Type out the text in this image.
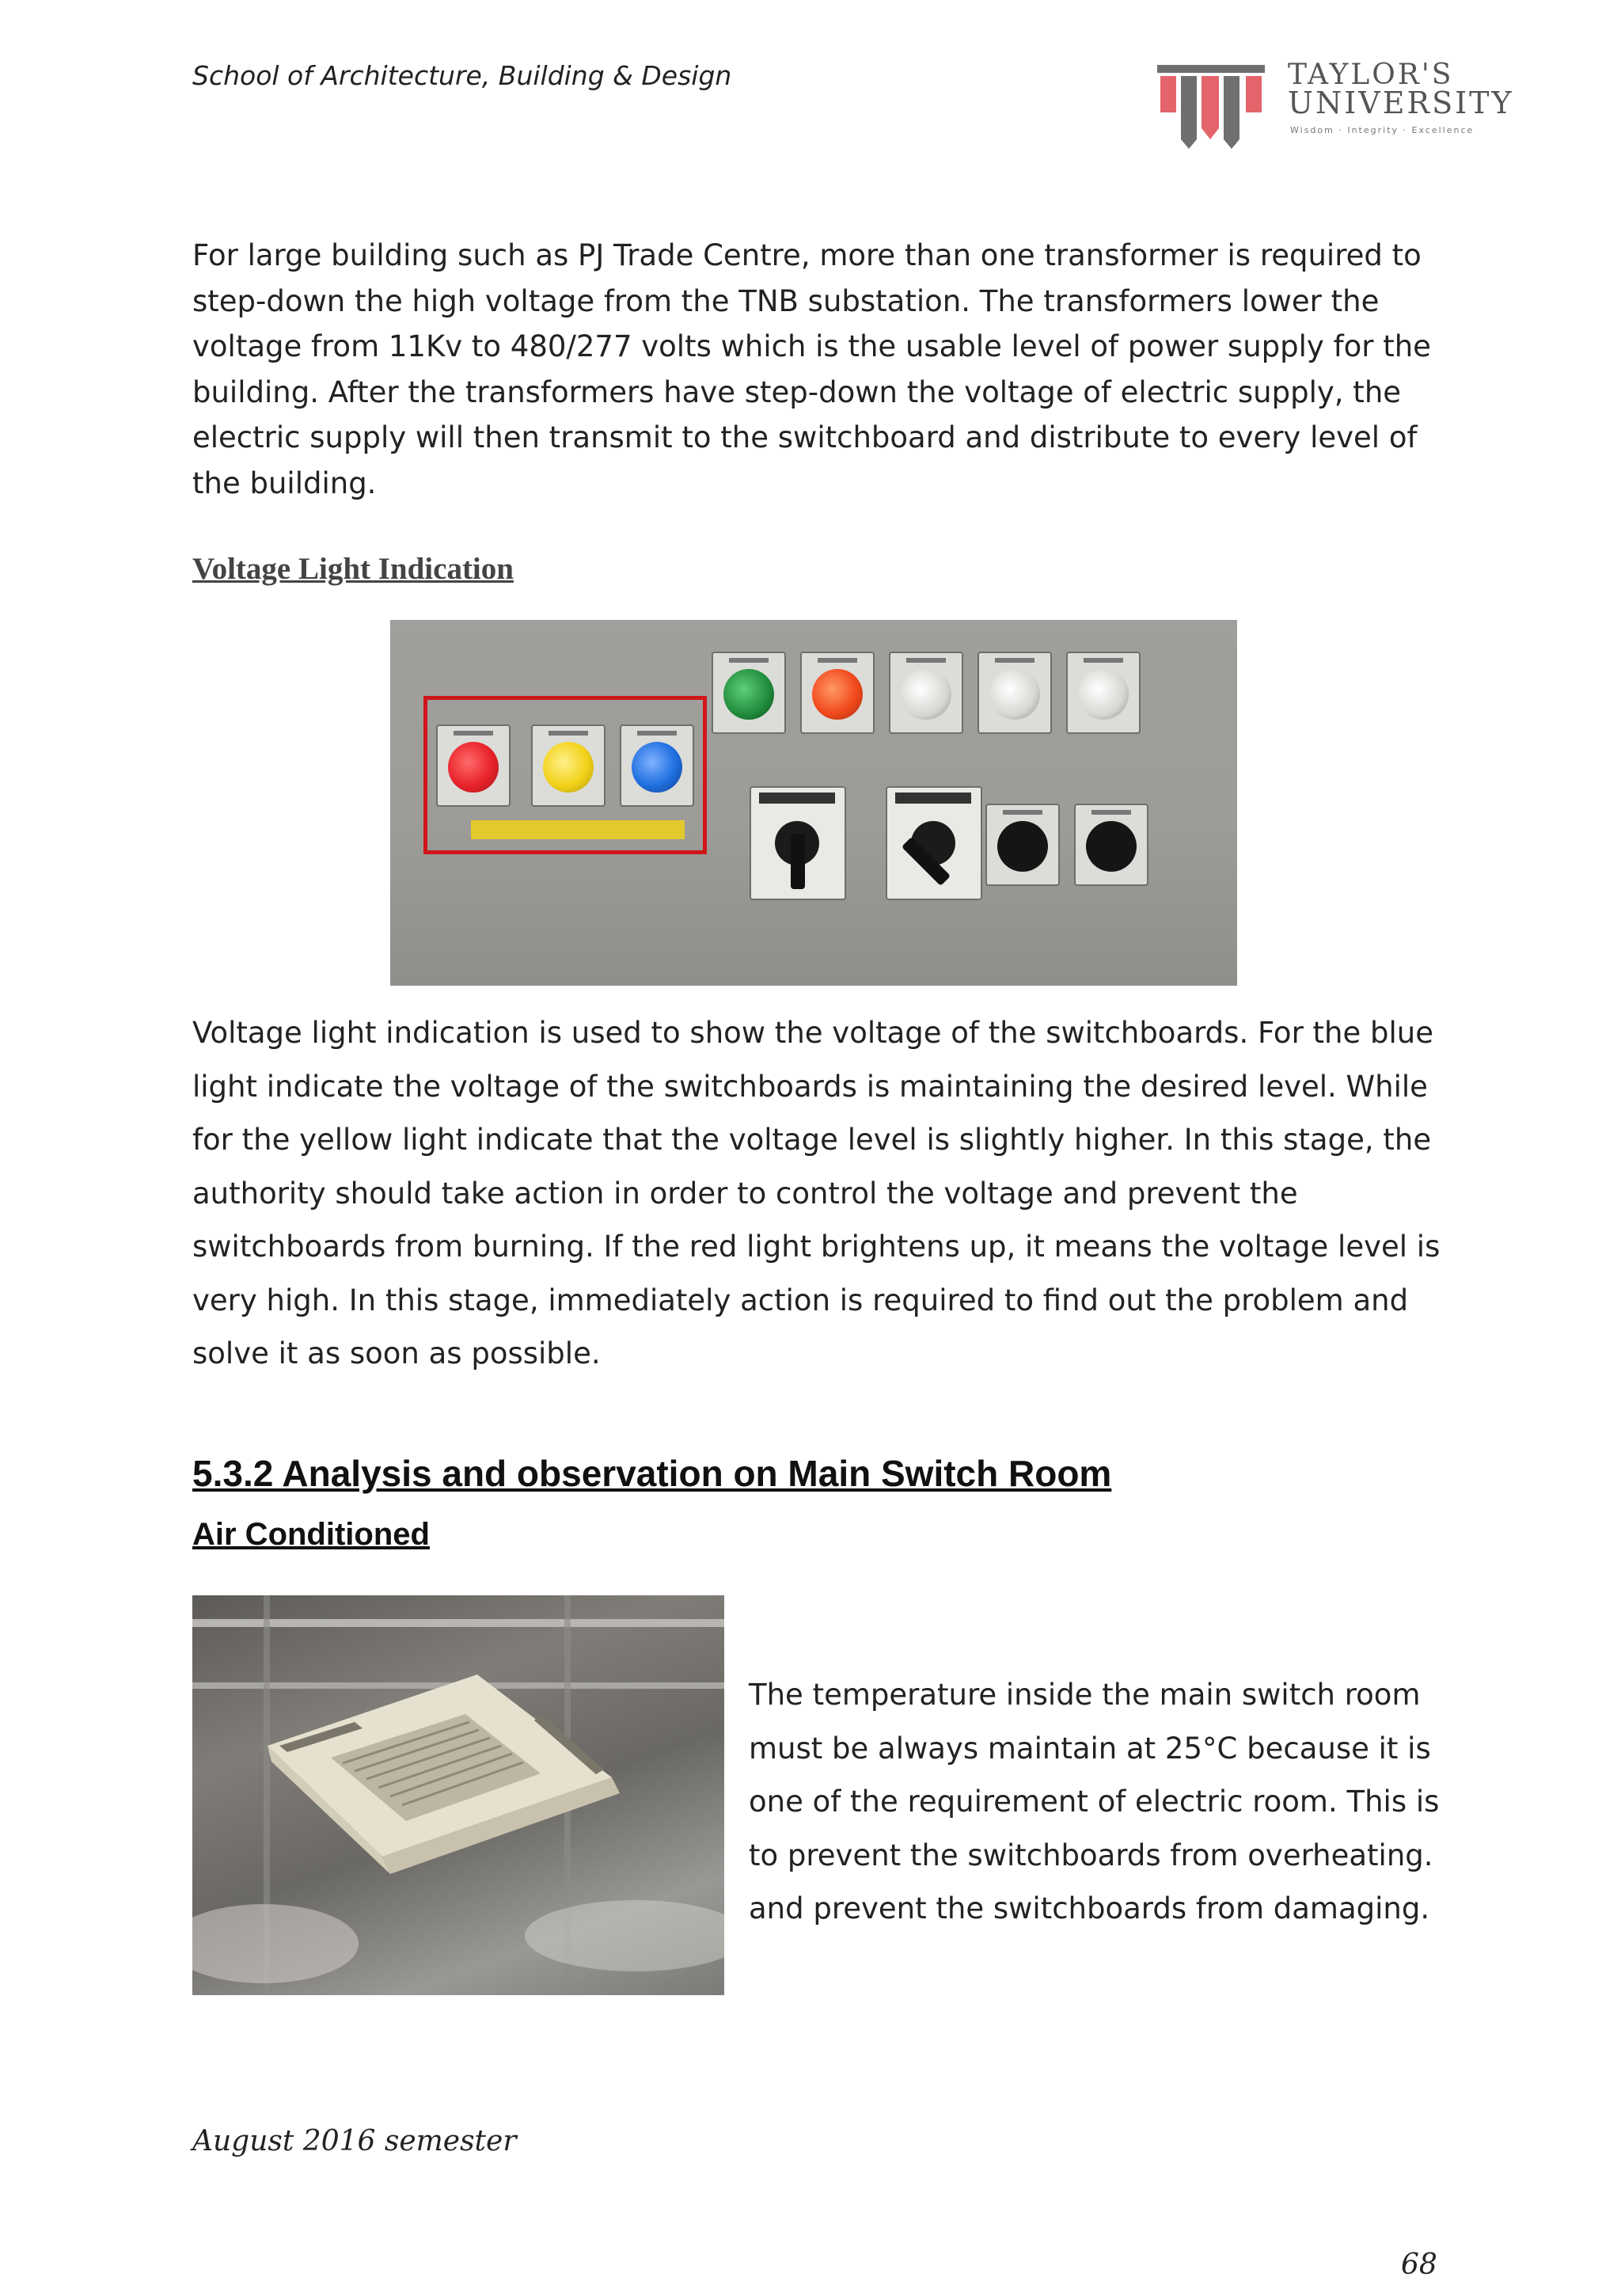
School of Architecture, Building & Design	TAYLOR'S
UNIVERSITY
Wisdom · Integrity · Excellence
For large building such as PJ Trade Centre, more than one transformer is required to step-down the high voltage from the TNB substation. The transformers lower the voltage from 11Kv to 480/277 volts which is the usable level of power supply for the building. After the transformers have step-down the voltage of electric supply, the electric supply will then transmit to the switchboard and distribute to every level of the building.
Voltage Light Indication
Voltage light indication is used to show the voltage of the switchboards. For the blue light indicate the voltage of the switchboards is maintaining the desired level. While for the yellow light indicate that the voltage level is slightly higher. In this stage, the authority should take action in order to control the voltage and prevent the switchboards from burning. If the red light brightens up, it means the voltage level is very high. In this stage, immediately action is required to find out the problem and solve it as soon as possible.
5.3.2 Analysis and observation on Main Switch Room
Air Conditioned
The temperature inside the main switch room must be always maintain at 25°C because it is one of the requirement of electric room. This is to prevent the switchboards from overheating. and prevent the switchboards from damaging.
August 2016 semester
68
